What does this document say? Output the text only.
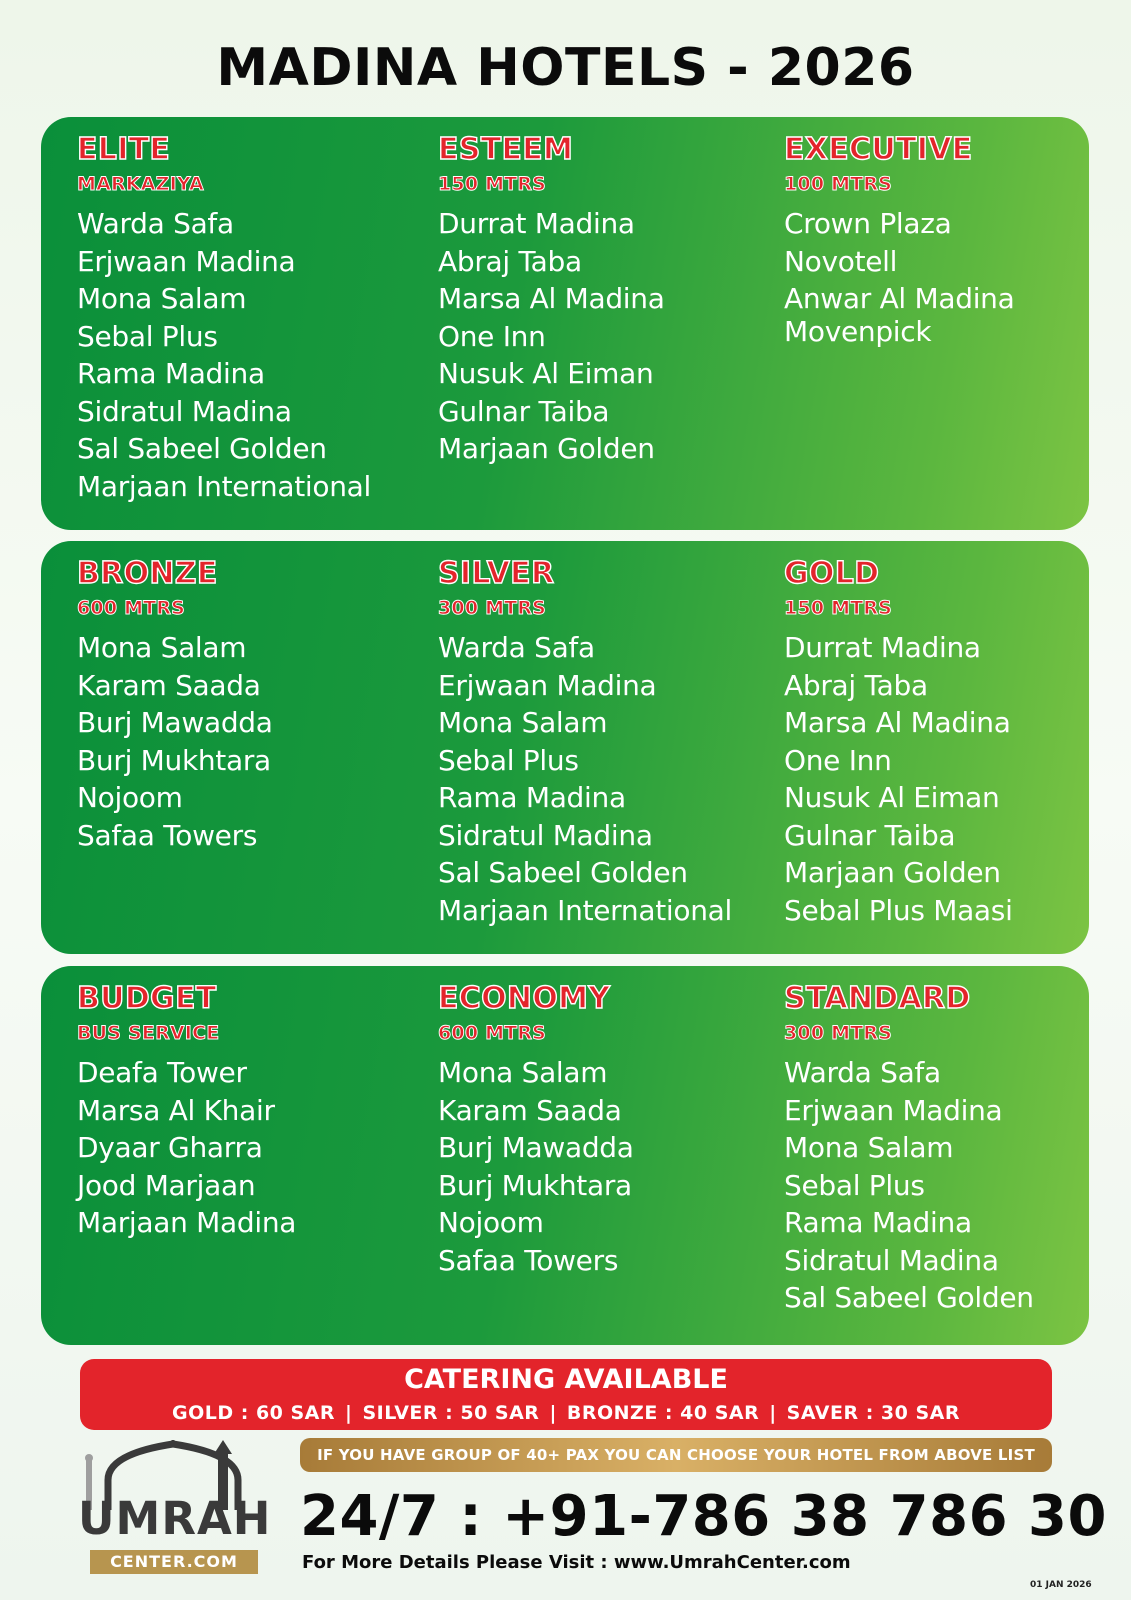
MADINA HOTELS - 2026
ELITE
MARKAZIYA
Warda Safa
Erjwaan Madina
Mona Salam
Sebal Plus
Rama Madina
Sidratul Madina
Sal Sabeel Golden
Marjaan International
ESTEEM
150 MTRS
Durrat Madina
Abraj Taba
Marsa Al Madina
One Inn
Nusuk Al Eiman
Gulnar Taiba
Marjaan Golden
EXECUTIVE
100 MTRS
Crown Plaza
Novotell
Anwar Al Madina
Movenpick
BRONZE
600 MTRS
Mona Salam
Karam Saada
Burj Mawadda
Burj Mukhtara
Nojoom
Safaa Towers
SILVER
300 MTRS
Warda Safa
Erjwaan Madina
Mona Salam
Sebal Plus
Rama Madina
Sidratul Madina
Sal Sabeel Golden
Marjaan International
GOLD
150 MTRS
Durrat Madina
Abraj Taba
Marsa Al Madina
One Inn
Nusuk Al Eiman
Gulnar Taiba
Marjaan Golden
Sebal Plus Maasi
BUDGET
BUS SERVICE
Deafa Tower
Marsa Al Khair
Dyaar Gharra
Jood Marjaan
Marjaan Madina
ECONOMY
600 MTRS
Mona Salam
Karam Saada
Burj Mawadda
Burj Mukhtara
Nojoom
Safaa Towers
STANDARD
300 MTRS
Warda Safa
Erjwaan Madina
Mona Salam
Sebal Plus
Rama Madina
Sidratul Madina
Sal Sabeel Golden
CATERING AVAILABLE
GOLD : 60 SAR | SILVER : 50 SAR | BRONZE : 40 SAR | SAVER : 30 SAR
IF YOU HAVE GROUP OF 40+ PAX YOU CAN CHOOSE YOUR HOTEL FROM ABOVE LIST
UMRAH
CENTER.COM
24/7 : +91-786 38 786 30
For More Details Please Visit : www.UmrahCenter.com
01 JAN 2026
